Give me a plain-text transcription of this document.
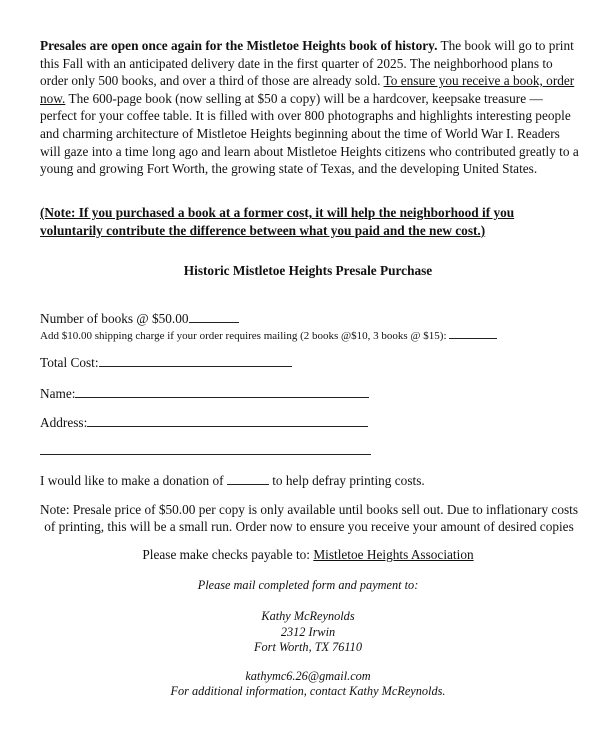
Presales are open once again for the Mistletoe Heights book of history. The book will go to print this Fall with an anticipated delivery date in the first quarter of 2025. The neighborhood plans to order only 500 books, and over a third of those are already sold. To ensure you receive a book, order now. The 600-page book (now selling at $50 a copy) will be a hardcover, keepsake treasure — perfect for your coffee table. It is filled with over 800 photographs and highlights interesting people and charming architecture of Mistletoe Heights beginning about the time of World War I. Readers will gaze into a time long ago and learn about Mistletoe Heights citizens who contributed greatly to a young and growing Fort Worth, the growing state of Texas, and the developing United States.

(Note: If you purchased a book at a former cost, it will help the neighborhood if you voluntarily contribute the difference between what you paid and the new cost.)

Historic Mistletoe Heights Presale Purchase

Number of books @ $50.00

Add $10.00 shipping charge if your order requires mailing (2 books @$10, 3 books @ $15):

Total Cost:

Name:

Address:

I would like to make a donation of	to help defray printing costs.

Note: Presale price of $50.00 per copy is only available until books sell out. Due to inflationary costs of printing, this will be a small run. Order now to ensure you receive your amount of desired copies

Please make checks payable to: Mistletoe Heights Association

Please mail completed form and payment to:

Kathy McReynolds

2312 Irwin

Fort Worth, TX 76110

kathymc6.26@gmail.com

For additional information, contact Kathy McReynolds.
